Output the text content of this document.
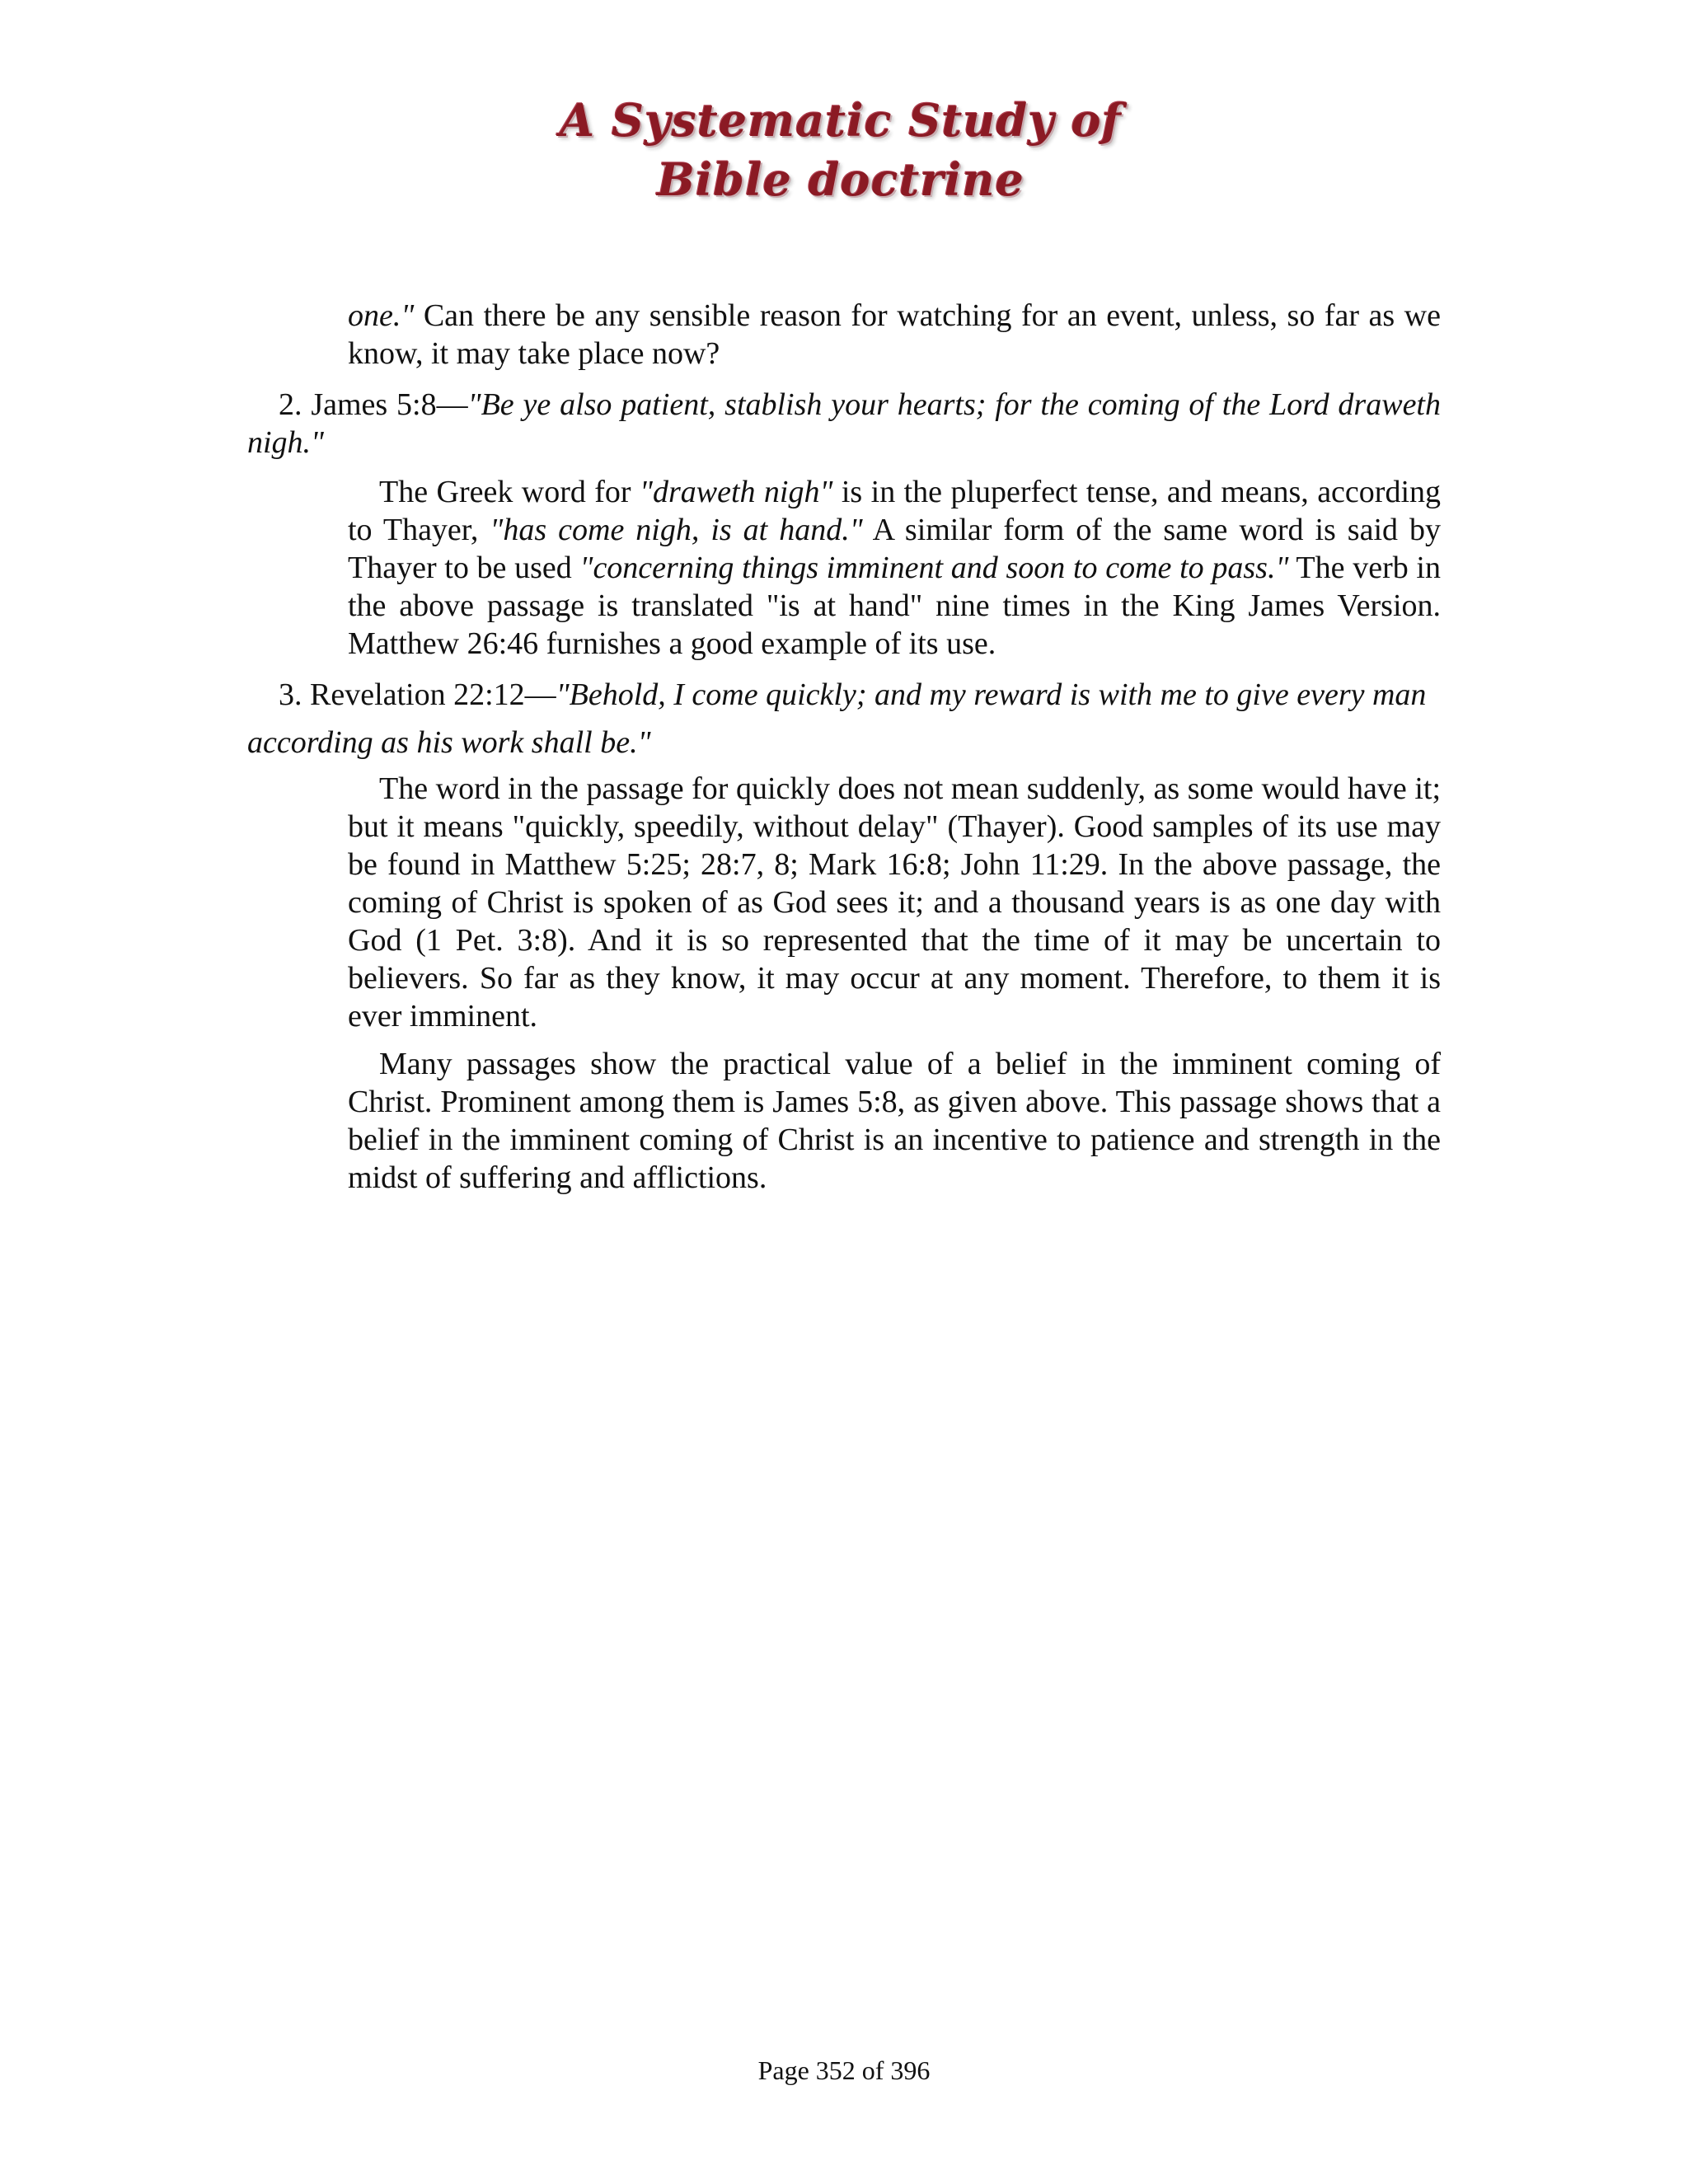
A Systematic Study of
Bible doctrine

one." Can there be any sensible reason for watching for an event, unless, so far as we know, it may take place now?

2. James 5:8—"Be ye also patient, stablish your hearts; for the coming of the Lord draweth nigh."

The Greek word for "draweth nigh" is in the pluperfect tense, and means, according to Thayer, "has come nigh, is at hand." A similar form of the same word is said by Thayer to be used "concerning things imminent and soon to come to pass." The verb in the above passage is translated "is at hand" nine times in the King James Version. Matthew 26:46 furnishes a good example of its use.

3. Revelation 22:12—"Behold, I come quickly; and my reward is with me to give every man according as his work shall be."

The word in the passage for quickly does not mean suddenly, as some would have it; but it means "quickly, speedily, without delay" (Thayer). Good samples of its use may be found in Matthew 5:25; 28:7, 8; Mark 16:8; John 11:29. In the above passage, the coming of Christ is spoken of as God sees it; and a thousand years is as one day with God (1 Pet. 3:8). And it is so represented that the time of it may be uncertain to believers. So far as they know, it may occur at any moment. Therefore, to them it is ever imminent.

Many passages show the practical value of a belief in the imminent coming of Christ. Prominent among them is James 5:8, as given above. This passage shows that a belief in the imminent coming of Christ is an incentive to patience and strength in the midst of suffering and afflictions.

Page 352 of 396
